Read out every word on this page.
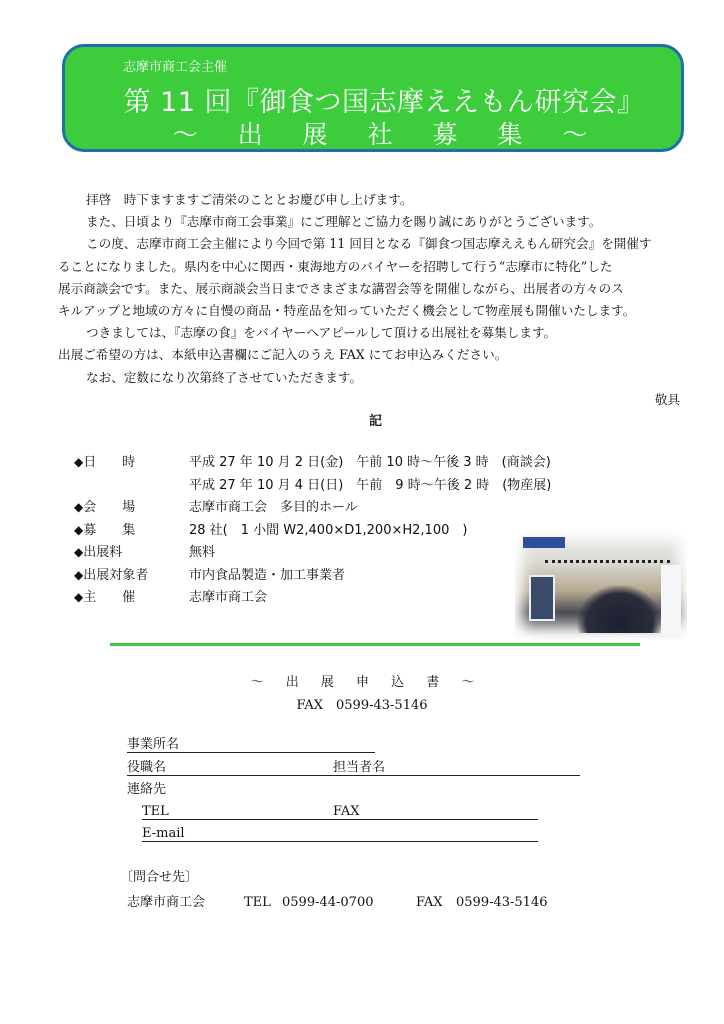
志摩市商工会主催
第 11 回『御食つ国志摩ええもん研究会』
～ 出 展 社 募 集 ～

拝啓　時下ますますご清栄のこととお慶び申し上げます。

また、日頃より『志摩市商工会事業』にご理解とご協力を賜り誠にありがとうございます。

この度、志摩市商工会主催により今回で第 11 回目となる『御食つ国志摩ええもん研究会』を開催す

ることになりました。県内を中心に関西・東海地方のバイヤーを招聘して行う“志摩市に特化”した

展示商談会です。また、展示商談会当日までさまざまな講習会等を開催しながら、出展者の方々のス

キルアップと地域の方々に自慢の商品・特産品を知っていただく機会として物産展も開催いたします。

つきましては、『志摩の食』をバイヤーへアピールして頂ける出展社を募集します。

出展ご希望の方は、本紙申込書欄にご記入のうえ FAX にてお申込みください。

なお、定数になり次第終了させていただきます。

敬具
記
◆日　　時	平成 27 年 10 月 2 日(金)　午前 10 時～午後 3 時　(商談会)
平成 27 年 10 月 4 日(日)　午前　9 時～午後 2 時　(物産展)
◆会　　場	志摩市商工会　多目的ホール
◆募　　集	28 社(　1 小間 W2,400×D1,200×H2,100　)
◆出展料	無料
◆出展対象者	市内食品製造・加工事業者
◆主　　催	志摩市商工会
～ 出 展 申 込 書 ～
FAX　0599-43-5146
事業所名
役職名	担当者名
連絡先
TEL	FAX
E-mail
〔問合せ先〕
志摩市商工会	TEL 0599-44-0700	FAX 0599-43-5146
